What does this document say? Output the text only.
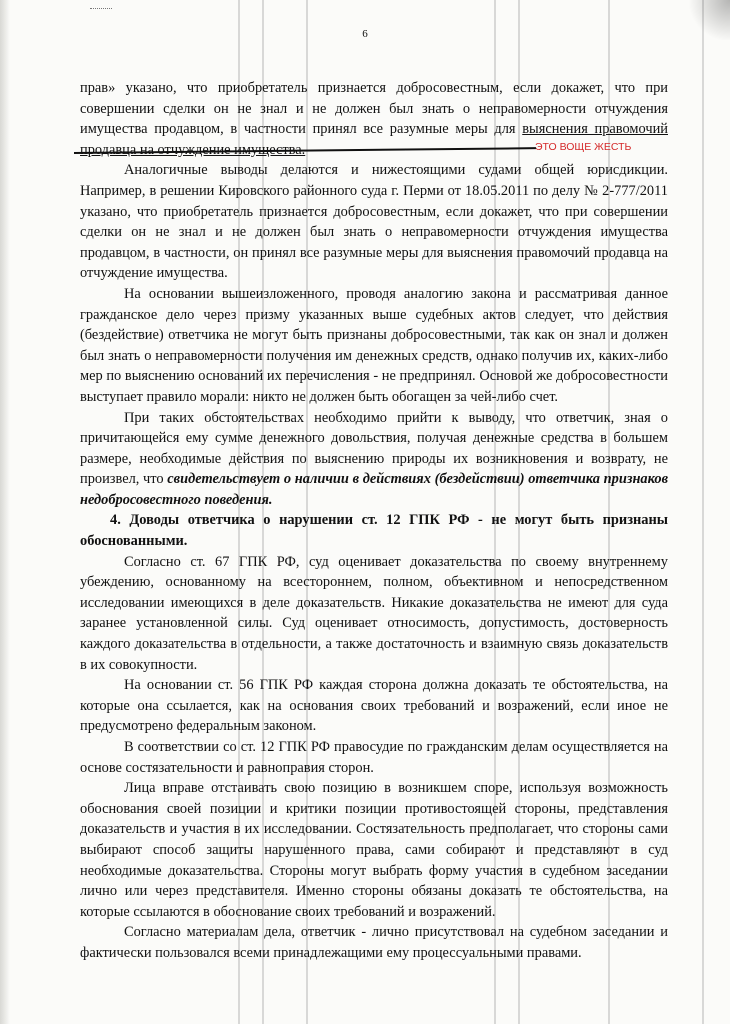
6
ЭТО ВОЩЕ ЖЕСТЬ

прав» указано, что приобретатель признается добросовестным, если докажет, что при совершении сделки он не знал и не должен был знать о неправомерности отчуждения имущества продавцом, в частности принял все разумные меры для выяснения правомочий продавца на отчуждение имущества.

Аналогичные выводы делаются и нижестоящими судами общей юрисдикции. Например, в решении Кировского районного суда г. Перми от 18.05.2011 по делу № 2-777/2011 указано, что приобретатель признается добросовестным, если докажет, что при совершении сделки он не знал и не должен был знать о неправомерности отчуждения имущества продавцом, в частности, он принял все разумные меры для выяснения правомочий продавца на отчуждение имущества.

На основании вышеизложенного, проводя аналогию закона и рассматривая данное гражданское дело через призму указанных выше судебных актов следует, что действия (бездействие) ответчика не могут быть признаны добросовестными, так как он знал и должен был знать о неправомерности получения им денежных средств, однако получив их, каких-либо мер по выяснению оснований их перечисления - не предпринял. Основой же добросовестности выступает правило морали: никто не должен быть обогащен за чей-либо счет.

При таких обстоятельствах необходимо прийти к выводу, что ответчик, зная о причитающейся ему сумме денежного довольствия, получая денежные средства в большем размере, необходимые действия по выяснению природы их возникновения и возврату, не произвел, что свидетельствует о наличии в действиях (бездействии) ответчика признаков недобросовестного поведения.

4. Доводы ответчика о нарушении ст. 12 ГПК РФ - не могут быть признаны обоснованными.

Согласно ст. 67 ГПК РФ, суд оценивает доказательства по своему внутреннему убеждению, основанному на всестороннем, полном, объективном и непосредственном исследовании имеющихся в деле доказательств. Никакие доказательства не имеют для суда заранее установленной силы. Суд оценивает относимость, допустимость, достоверность каждого доказательства в отдельности, а также достаточность и взаимную связь доказательств в их совокупности.

На основании ст. 56 ГПК РФ каждая сторона должна доказать те обстоятельства, на которые она ссылается, как на основания своих требований и возражений, если иное не предусмотрено федеральным законом.

В соответствии со ст. 12 ГПК РФ правосудие по гражданским делам осуществляется на основе состязательности и равноправия сторон.

Лица вправе отстаивать свою позицию в возникшем споре, используя возможность обоснования своей позиции и критики позиции противостоящей стороны, представления доказательств и участия в их исследовании. Состязательность предполагает, что стороны сами выбирают способ защиты нарушенного права, сами собирают и представляют в суд необходимые доказательства. Стороны могут выбрать форму участия в судебном заседании лично или через представителя. Именно стороны обязаны доказать те обстоятельства, на которые ссылаются в обоснование своих требований и возражений.

Согласно материалам дела, ответчик - лично присутствовал на судебном заседании и фактически пользовался всеми принадлежащими ему процессуальными правами.
